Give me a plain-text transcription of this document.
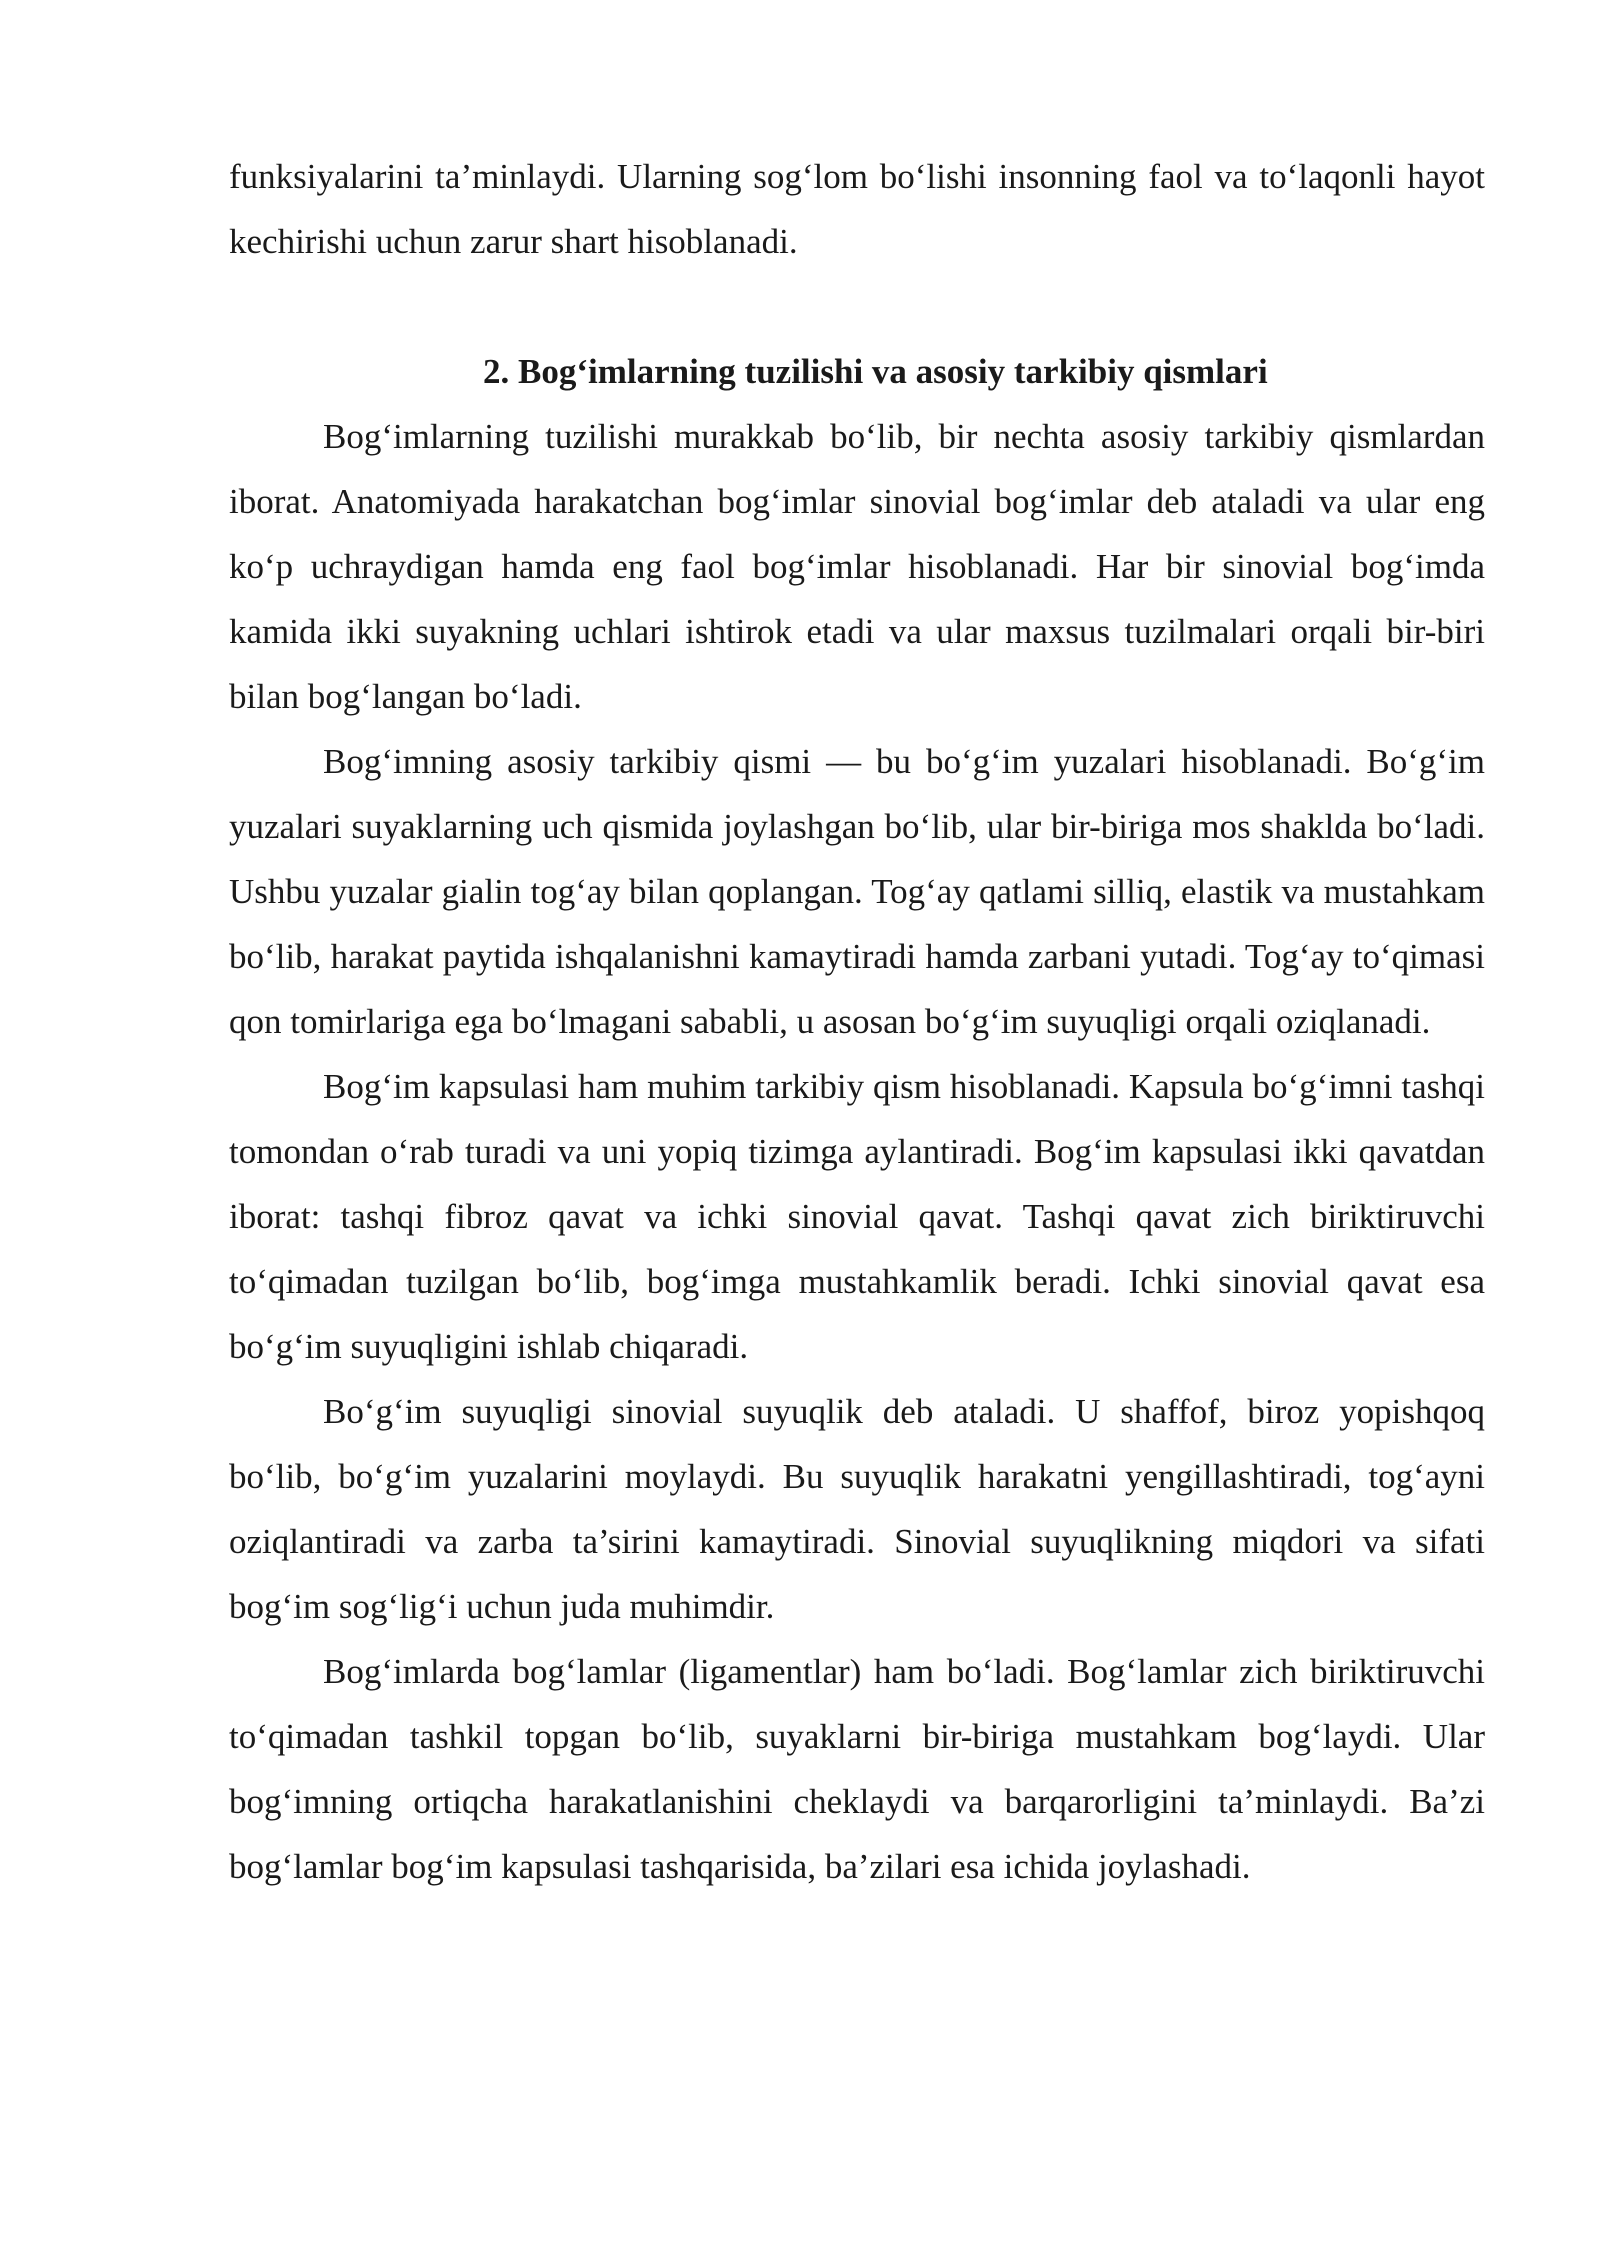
funksiyalarini ta’minlaydi. Ularning sog‘lom bo‘lishi insonning faol va to‘laqonli hayot kechirishi uchun zarur shart hisoblanadi.

2. Bog‘imlarning tuzilishi va asosiy tarkibiy qismlari

Bog‘imlarning tuzilishi murakkab bo‘lib, bir nechta asosiy tarkibiy qismlardan iborat. Anatomiyada harakatchan bog‘imlar sinovial bog‘imlar deb ataladi va ular eng ko‘p uchraydigan hamda eng faol bog‘imlar hisoblanadi. Har bir sinovial bog‘imda kamida ikki suyakning uchlari ishtirok etadi va ular maxsus tuzilmalari orqali bir-biri bilan bog‘langan bo‘ladi.

Bog‘imning asosiy tarkibiy qismi — bu bo‘g‘im yuzalari hisoblanadi. Bo‘g‘im yuzalari suyaklarning uch qismida joylashgan bo‘lib, ular bir-biriga mos shaklda bo‘ladi. Ushbu yuzalar gialin tog‘ay bilan qoplangan. Tog‘ay qatlami silliq, elastik va mustahkam bo‘lib, harakat paytida ishqalanishni kamaytiradi hamda zarbani yutadi. Tog‘ay to‘qimasi qon tomirlariga ega bo‘lmagani sababli, u asosan bo‘g‘im suyuqligi orqali oziqlanadi.

Bog‘im kapsulasi ham muhim tarkibiy qism hisoblanadi. Kapsula bo‘g‘imni tashqi tomondan o‘rab turadi va uni yopiq tizimga aylantiradi. Bog‘im kapsulasi ikki qavatdan iborat: tashqi fibroz qavat va ichki sinovial qavat. Tashqi qavat zich biriktiruvchi to‘qimadan tuzilgan bo‘lib, bog‘imga mustahkamlik beradi. Ichki sinovial qavat esa bo‘g‘im suyuqligini ishlab chiqaradi.

Bo‘g‘im suyuqligi sinovial suyuqlik deb ataladi. U shaffof, biroz yopishqoq bo‘lib, bo‘g‘im yuzalarini moylaydi. Bu suyuqlik harakatni yengillashtiradi, tog‘ayni oziqlantiradi va zarba ta’sirini kamaytiradi. Sinovial suyuqlikning miqdori va sifati bog‘im sog‘lig‘i uchun juda muhimdir.

Bog‘imlarda bog‘lamlar (ligamentlar) ham bo‘ladi. Bog‘lamlar zich biriktiruvchi to‘qimadan tashkil topgan bo‘lib, suyaklarni bir-biriga mustahkam bog‘laydi. Ular bog‘imning ortiqcha harakatlanishini cheklaydi va barqarorligini ta’minlaydi. Ba’zi bog‘lamlar bog‘im kapsulasi tashqarisida, ba’zilari esa ichida joylashadi.
